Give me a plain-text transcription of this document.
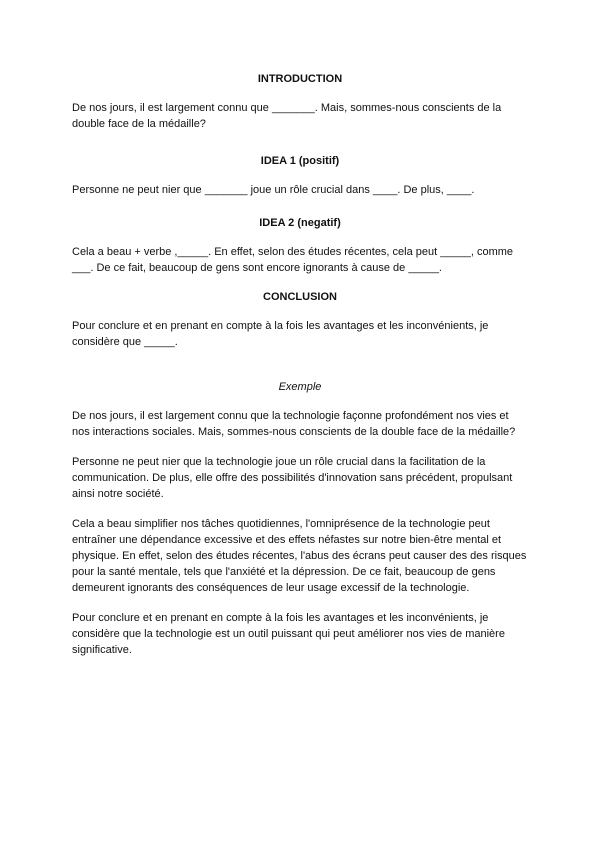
INTRODUCTION

De nos jours, il est largement connu que _______. Mais, sommes-nous conscients de la double face de la médaille?

IDEA 1 (positif)

Personne ne peut nier que _______ joue un rôle crucial dans ____. De plus, ____.

IDEA 2 (negatif)

Cela a beau + verbe ,_____. En effet, selon des études récentes, cela peut _____, comme ___. De ce fait, beaucoup de gens sont encore ignorants à cause de _____.

CONCLUSION

Pour conclure et en prenant en compte à la fois les avantages et les inconvénients, je considère que _____.

Exemple

De nos jours, il est largement connu que la technologie façonne profondément nos vies et nos interactions sociales. Mais, sommes-nous conscients de la double face de la médaille?

Personne ne peut nier que la technologie joue un rôle crucial dans la facilitation de la communication. De plus, elle offre des possibilités d'innovation sans précédent, propulsant ainsi notre société.

Cela a beau simplifier nos tâches quotidiennes, l'omniprésence de la technologie peut entraîner une dépendance excessive et des effets néfastes sur notre bien-être mental et physique. En effet, selon des études récentes, l'abus des écrans peut causer des des risques pour la santé mentale, tels que l'anxiété et la dépression. De ce fait, beaucoup de gens demeurent ignorants des conséquences de leur usage excessif de la technologie.

Pour conclure et en prenant en compte à la fois les avantages et les inconvénients, je considère que la technologie est un outil puissant qui peut améliorer nos vies de manière significative.
